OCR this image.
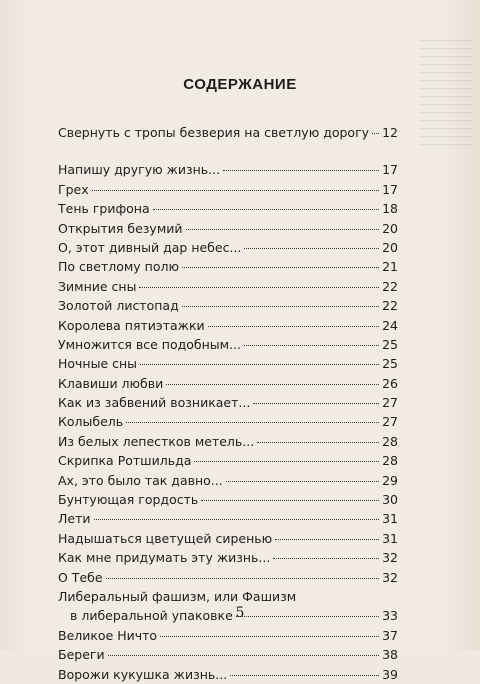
СОДЕРЖАНИЕ
Свернуть с тропы безверия на светлую дорогу 12
Напишу другую жизнь...	17
Грех	17
Тень грифона	18
Открытия безумий	20
О, этот дивный дар небес...	20
По светлому полю	21
Зимние сны	22
Золотой листопад	22
Королева пятиэтажки	24
Умножится все подобным...	25
Ночные сны	25
Клавиши любви	26
Как из забвений возникает...	27
Колыбель	27
Из белых лепестков метель...	28
Скрипка Ротшильда	28
Ах, это было так давно...	29
Бунтующая гордость	30
Лети	31
Надышаться цветущей сиренью	31
Как мне придумать эту жизнь...	32
О Тебе	32
Либеральный фашизм, или Фашизм
в либеральной упаковке	33
Великое Ничто	37
Береги	38
Ворожи кукушка жизнь...	39
5
